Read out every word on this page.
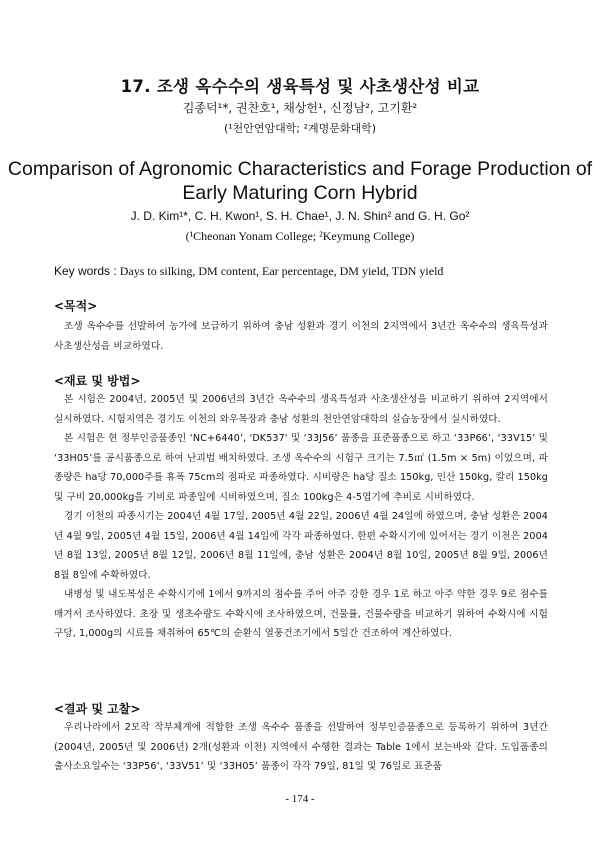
17. 조생 옥수수의 생육특성 및 사초생산성 비교
김종덕¹*, 권찬호¹, 채상헌¹, 신정남², 고기환²
(¹천안연암대학; ²계명문화대학)
Comparison of Agronomic Characteristics and Forage Production of
Early Maturing Corn Hybrid
J. D. Kim¹*, C. H. Kwon¹, S. H. Chae¹, J. N. Shin² and G. H. Go²
(¹Cheonan Yonam College; ²Keymung College)
Key words : Days to silking, DM content, Ear percentage, DM yield, TDN yield
<목적>

조생 옥수수를 선발하여 농가에 보급하기 위하여 충남 성환과 경기 이천의 2지역에서 3년간 옥수수의 생육특성과 사초생산성을 비교하였다.

<재료 및 방법>

본 시험은 2004년, 2005년 및 2006년의 3년간 옥수수의 생육특성과 사초생산성을 비교하기 위하여 2지역에서 실시하였다. 시험지역은 경기도 이천의 와우목장과 충남 성환의 천안연암대학의 실습농장에서 실시하였다.

본 시험은 현 정부인증품종인 ‘NC+6440’, 'DK537' 및 ‘33J56’ 품종을 표준품종으로 하고 ‘33P66’, ‘33V15’ 및 ‘33H05’를 공시품종으로 하여 난괴법 배치하였다. 조생 옥수수의 시험구 크기는 7.5㎡ (1.5m × 5m) 이었으며, 파종량은 ha당 70,000주를 휴폭 75cm의 점파로 파종하였다. 시비량은 ha당 질소 150kg, 인산 150kg, 칼리 150kg 및 구비 20,000kg을 기비로 파종일에 시비하였으며, 질소 100kg은 4-5엽기에 추비로 시비하였다.

경기 이천의 파종시기는 2004년 4월 17일, 2005년 4월 22일, 2006년 4월 24일에 하였으며, 충남 성환은 2004년 4월 9일, 2005년 4월 15일, 2006년 4월 14일에 각각 파종하였다. 한편 수확시기에 있어서는 경기 이천은 2004년 8월 13일, 2005년 8월 12일, 2006년 8월 11일에, 충남 성환은 2004년 8월 10일, 2005년 8월 9일, 2006년 8월 8일에 수확하였다.

내병성 및 내도복성은 수확시기에 1에서 9까지의 점수를 주어 아주 강한 경우 1로 하고 아주 약한 경우 9로 점수를 매겨서 조사하였다. 초장 및 생초수량도 수확시에 조사하였으며, 건물률, 건물수량을 비교하기 위하여 수확시에 시험구당, 1,000g의 시료를 채취하여 65℃의 순환식 열풍건조기에서 5일간 건조하여 계산하였다.

<결과 및 고찰>

우리나라에서 2모작 작부체계에 적합한 조생 옥수수 품종을 선발하여 정부인증품종으로 등록하기 위하여 3년간(2004년, 2005년 및 2006년) 2개(성환과 이천) 지역에서 수행한 결과는 Table 1에서 보는바와 같다. 도입품종의 출사소요일수는 ‘33P56’, ‘33V51’ 및 ‘33H05’ 품종이 각각 79일, 81일 및 76일로 표준품

- 174 -
